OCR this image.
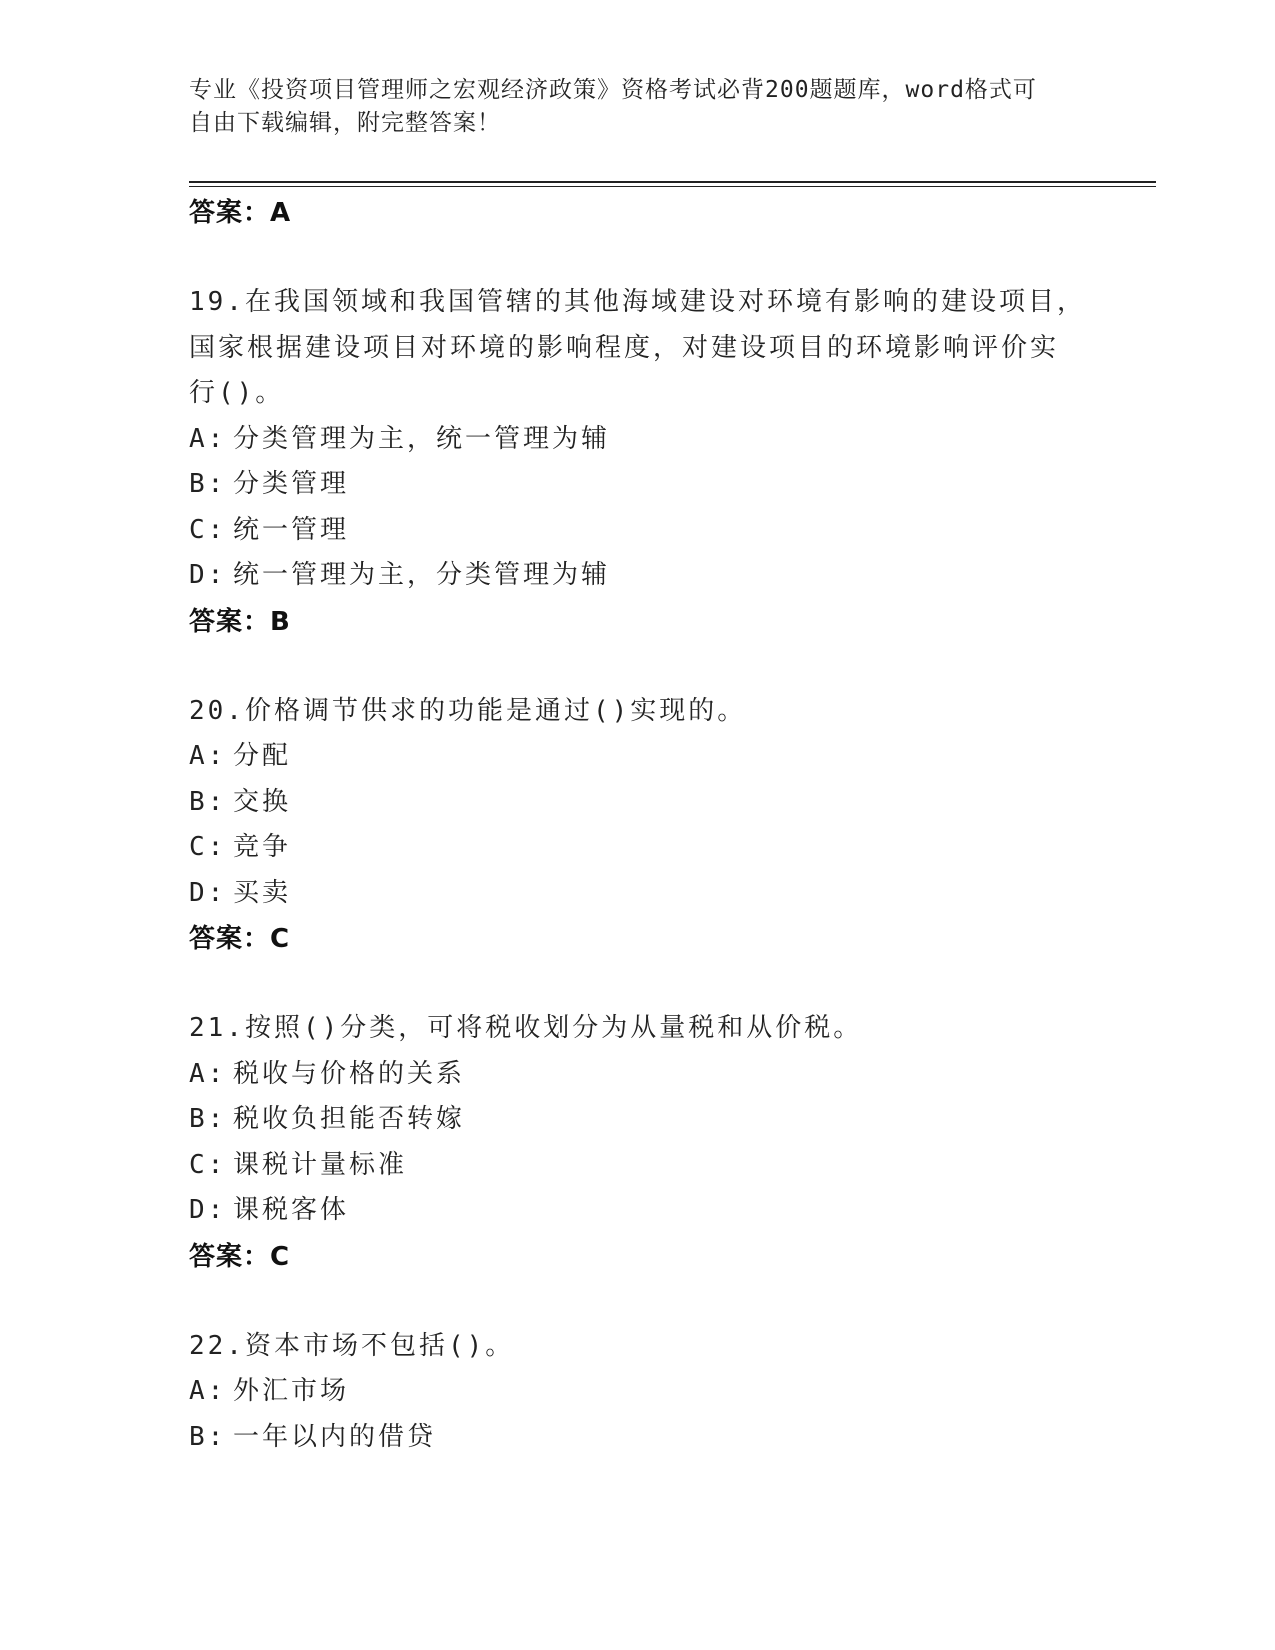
专业《投资项目管理师之宏观经济政策》资格考试必背200题题库，word格式可
自由下载编辑，附完整答案！
答案：A
19.在我国领域和我国管辖的其他海域建设对环境有影响的建设项目，
国家根据建设项目对环境的影响程度，对建设项目的环境影响评价实
行()。
A: 分类管理为主，统一管理为辅
B: 分类管理
C: 统一管理
D: 统一管理为主，分类管理为辅
答案：B
20.价格调节供求的功能是通过()实现的。
A: 分配
B: 交换
C: 竞争
D: 买卖
答案：C
21.按照()分类，可将税收划分为从量税和从价税。
A: 税收与价格的关系
B: 税收负担能否转嫁
C: 课税计量标准
D: 课税客体
答案：C
22.资本市场不包括()。
A: 外汇市场
B: 一年以内的借贷
